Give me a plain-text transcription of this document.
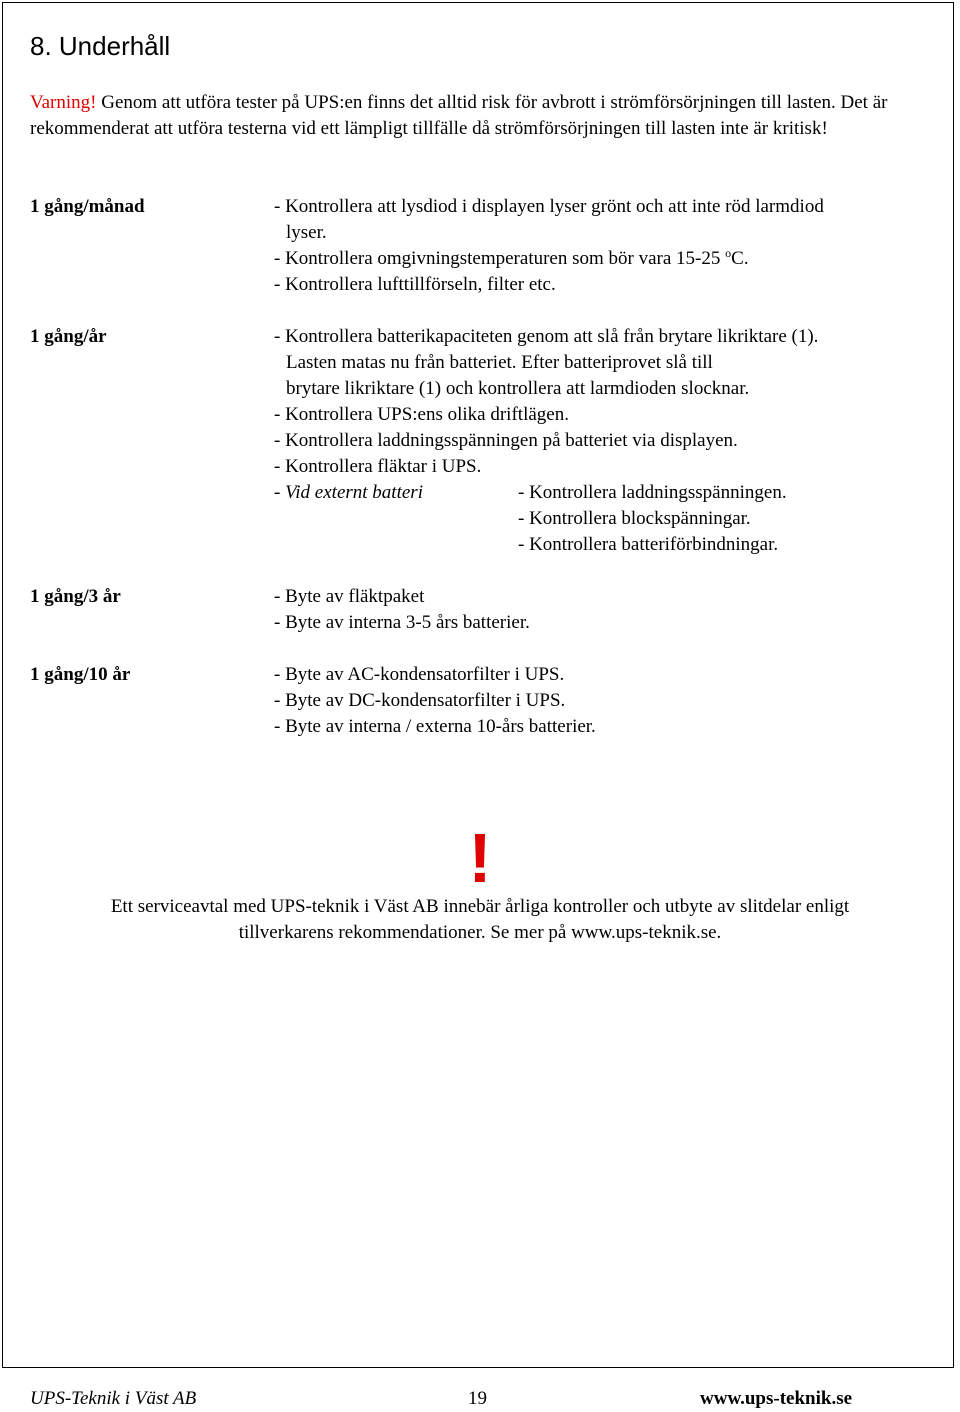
8. Underhåll
Varning! Genom att utföra tester på UPS:en finns det alltid risk för avbrott i strömförsörjningen till lasten. Det är rekommenderat att utföra testerna vid ett lämpligt tillfälle då strömförsörjningen till lasten inte är kritisk!
1 gång/månad	- Kontrollera att lysdiod i displayen lyser grönt och att inte röd larmdiod
lyser.
- Kontrollera omgivningstemperaturen som bör vara 15-25 $^o$C.
- Kontrollera lufttillförseln, filter etc.
1 gång/år	- Kontrollera batterikapaciteten genom att slå från brytare likriktare (1).
Lasten matas nu från batteriet. Efter batteriprovet slå till
brytare likriktare (1) och kontrollera att larmdioden slocknar.
- Kontrollera UPS:ens olika driftlägen.
- Kontrollera laddningsspänningen på batteriet via displayen.
- Kontrollera fläktar i UPS.
- Vid externt batteri	- Kontrollera laddningsspänningen.
- Kontrollera blockspänningar.
- Kontrollera batteriförbindningar.
1 gång/3 år	- Byte av fläktpaket
- Byte av interna 3-5 års batterier.
1 gång/10 år	- Byte av AC-kondensatorfilter i UPS.
- Byte av DC-kondensatorfilter i UPS.
- Byte av interna / externa 10-års batterier.
!
Ett serviceavtal med UPS-teknik i Väst AB innebär årliga kontroller och utbyte av slitdelar enligt
tillverkarens rekommendationer. Se mer på www.ups-teknik.se.
UPS-Teknik i Väst AB	19	www.ups-teknik.se
